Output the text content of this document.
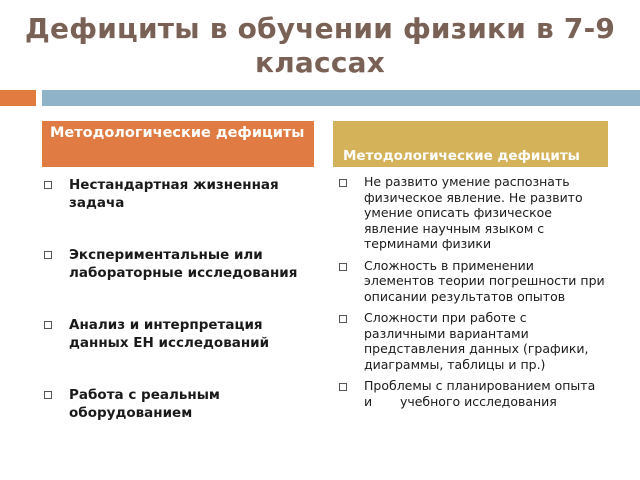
Дефициты в обучении физики в 7-9 классах
Методологические дефициты
Методологические дефициты
Нестандартная жизненная задача
Экспериментальные или лабораторные исследования
Анализ и интерпретация данных ЕН исследований
Работа с реальным оборудованием
Не развито умение распознать физическое явление. Не развито умение описать физическое явление научным языком с терминами физики
Сложность в применении элементов теории погрешности при описании результатов опытов
Сложности при работе с различными вариантами представления данных (графики, диаграммы, таблицы и пр.)
Проблемы с планированием опыта и       учебного исследования
